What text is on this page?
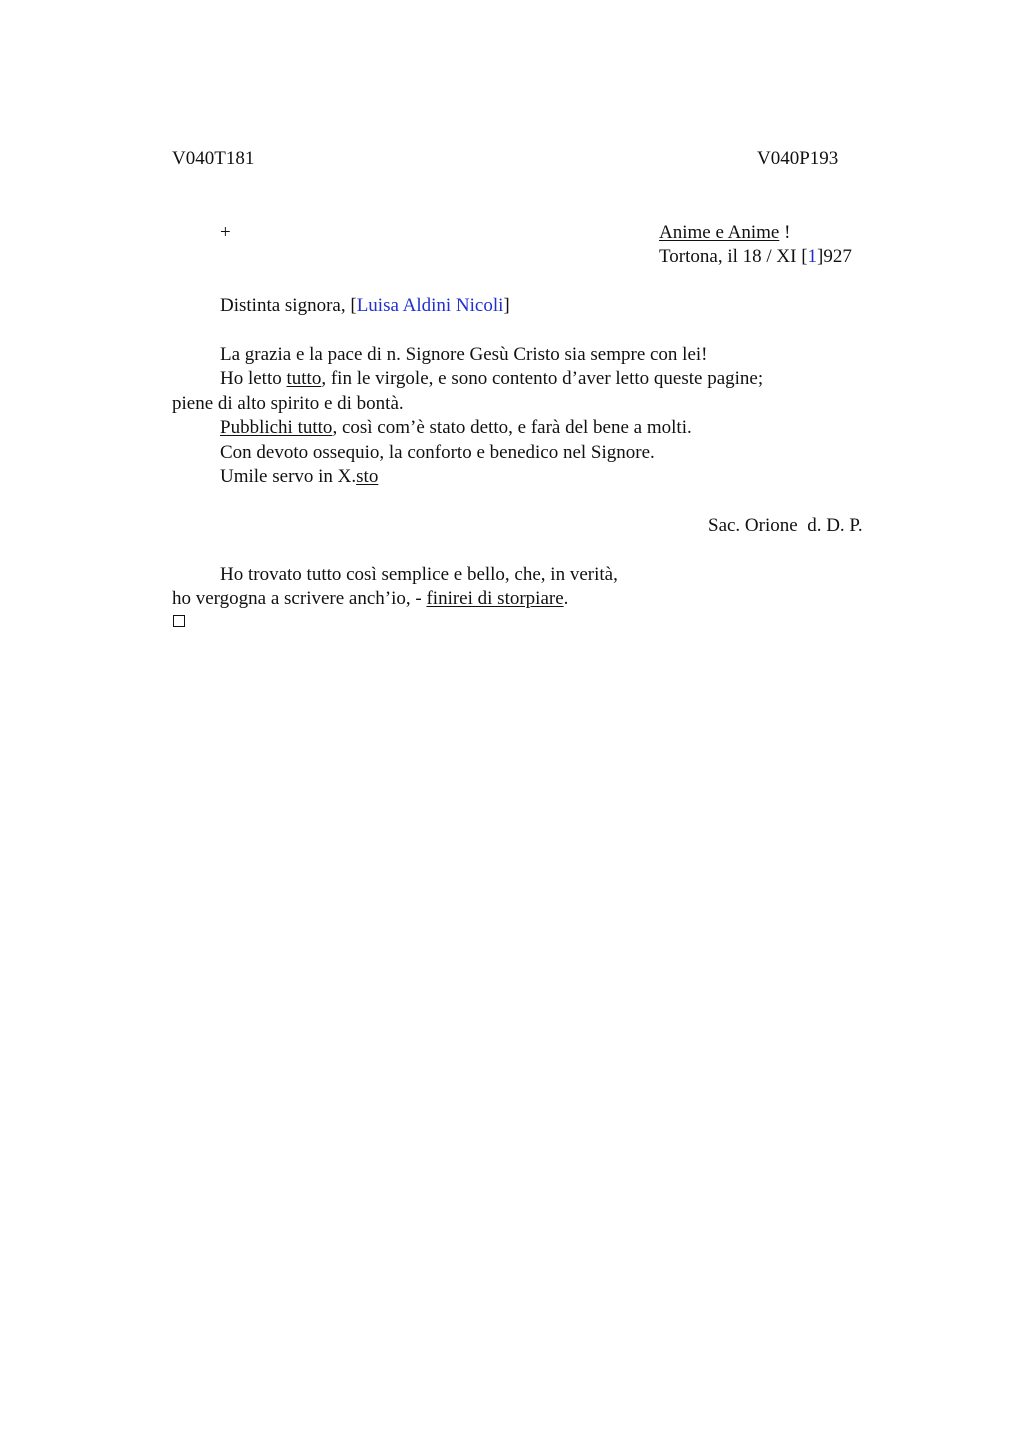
V040T181	V040P193
+	Anime e Anime !
Tortona, il 18 / XI [1]927
Distinta signora, [Luisa Aldini Nicoli]
La grazia e la pace di n. Signore Gesù Cristo sia sempre con lei!
Ho letto tutto, fin le virgole, e sono contento d’aver letto queste pagine;
piene di alto spirito e di bontà.
Pubblichi tutto, così com’è stato detto, e farà del bene a molti.
Con devoto ossequio, la conforto e benedico nel Signore.
Umile servo in X.sto
Sac. Orione  d. D. P.
Ho trovato tutto così semplice e bello, che, in verità,
ho vergogna a scrivere anch’io, - finirei di storpiare.
